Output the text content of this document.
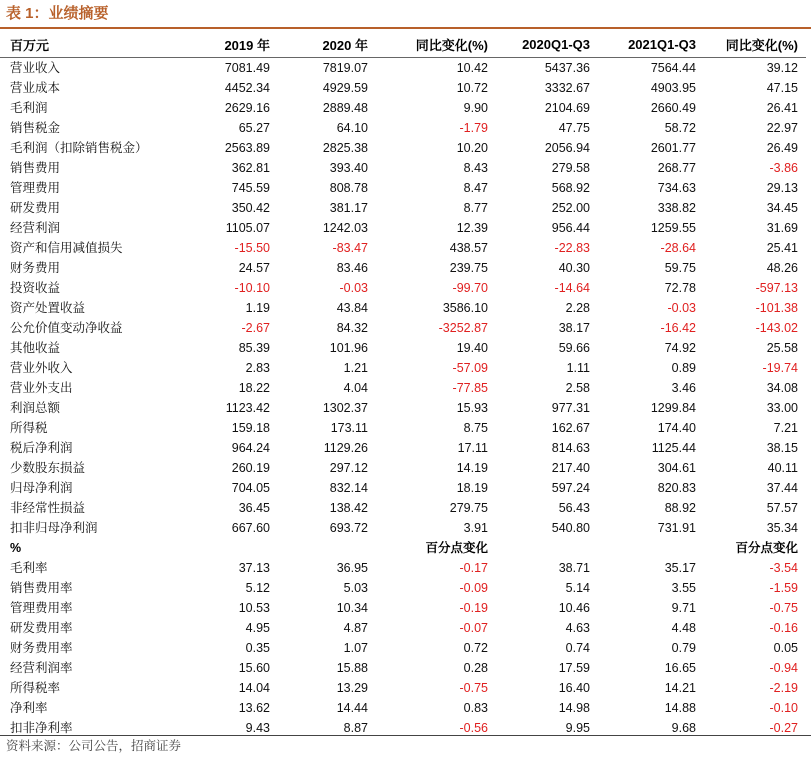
表 1：业绩摘要
百万元	2019 年	2020 年	同比变化(%)	2020Q1-Q3	2021Q1-Q3	同比变化(%)
营业收入	7081.49	7819.07	10.42	5437.36	7564.44	39.12
营业成本	4452.34	4929.59	10.72	3332.67	4903.95	47.15
毛利润	2629.16	2889.48	9.90	2104.69	2660.49	26.41
销售税金	65.27	64.10	-1.79	47.75	58.72	22.97
毛利润（扣除销售税金）	2563.89	2825.38	10.20	2056.94	2601.77	26.49
销售费用	362.81	393.40	8.43	279.58	268.77	-3.86
管理费用	745.59	808.78	8.47	568.92	734.63	29.13
研发费用	350.42	381.17	8.77	252.00	338.82	34.45
经营利润	1105.07	1242.03	12.39	956.44	1259.55	31.69
资产和信用减值损失	-15.50	-83.47	438.57	-22.83	-28.64	25.41
财务费用	24.57	83.46	239.75	40.30	59.75	48.26
投资收益	-10.10	-0.03	-99.70	-14.64	72.78	-597.13
资产处置收益	1.19	43.84	3586.10	2.28	-0.03	-101.38
公允价值变动净收益	-2.67	84.32	-3252.87	38.17	-16.42	-143.02
其他收益	85.39	101.96	19.40	59.66	74.92	25.58
营业外收入	2.83	1.21	-57.09	1.11	0.89	-19.74
营业外支出	18.22	4.04	-77.85	2.58	3.46	34.08
利润总额	1123.42	1302.37	15.93	977.31	1299.84	33.00
所得税	159.18	173.11	8.75	162.67	174.40	7.21
税后净利润	964.24	1129.26	17.11	814.63	1125.44	38.15
少数股东损益	260.19	297.12	14.19	217.40	304.61	40.11
归母净利润	704.05	832.14	18.19	597.24	820.83	37.44
非经常性损益	36.45	138.42	279.75	56.43	88.92	57.57
扣非归母净利润	667.60	693.72	3.91	540.80	731.91	35.34
%			百分点变化			百分点变化
毛利率	37.13	36.95	-0.17	38.71	35.17	-3.54
销售费用率	5.12	5.03	-0.09	5.14	3.55	-1.59
管理费用率	10.53	10.34	-0.19	10.46	9.71	-0.75
研发费用率	4.95	4.87	-0.07	4.63	4.48	-0.16
财务费用率	0.35	1.07	0.72	0.74	0.79	0.05
经营利润率	15.60	15.88	0.28	17.59	16.65	-0.94
所得税率	14.04	13.29	-0.75	16.40	14.21	-2.19
净利率	13.62	14.44	0.83	14.98	14.88	-0.10
扣非净利率	9.43	8.87	-0.56	9.95	9.68	-0.27
资料来源：公司公告，招商证券
